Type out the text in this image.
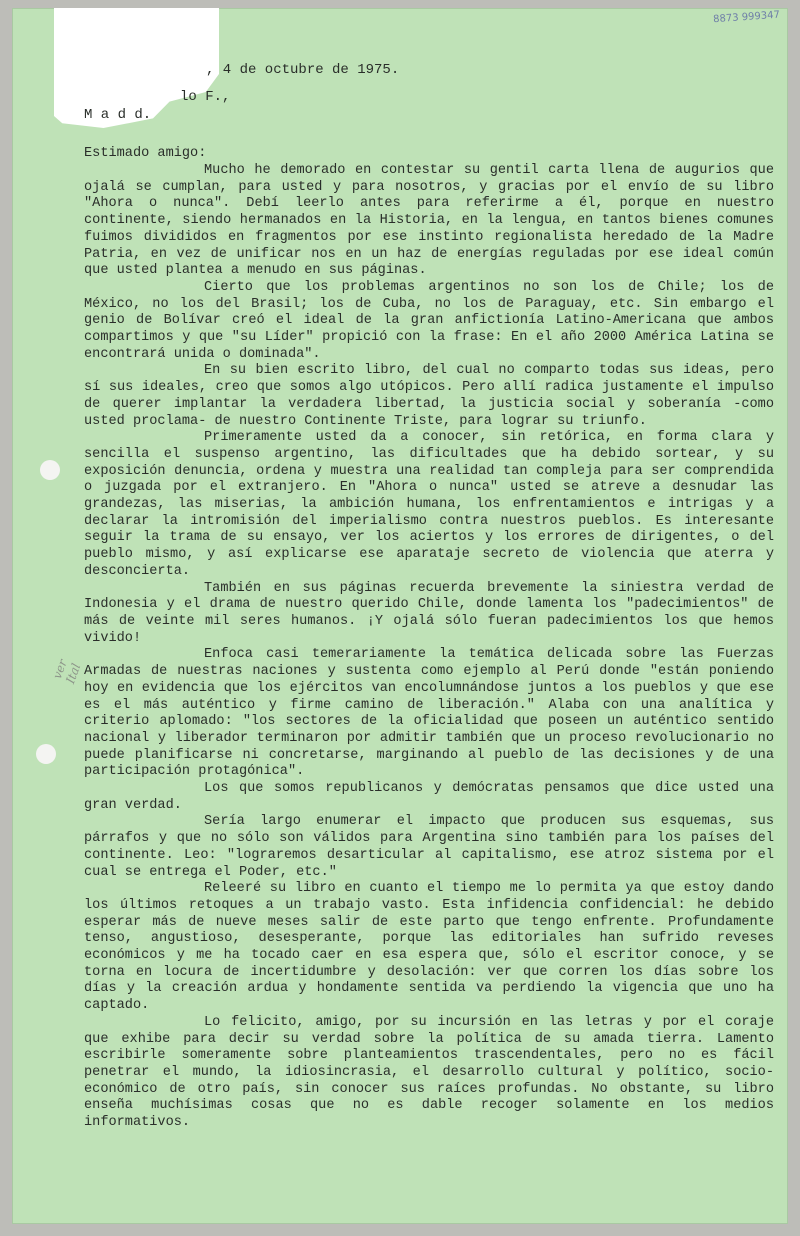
8873 999347
ver Ital
, 4 de octubre de 1975.
lo F.,
M a d d.
Estimado amigo:

Mucho he demorado en contestar su gentil carta llena de augurios que ojalá se cumplan, para usted y para nosotros, y gracias por el envío de su libro "Ahora o nunca". Debí leerlo antes para referirme a él, porque en nuestro continente, siendo hermanados en la Historia, en la lengua, en tantos bienes comunes fuimos divididos en fragmentos por ese instinto regionalista heredado de la Madre Patria, en vez de unificar nos en un haz de energías reguladas por ese ideal común que usted plantea a menudo en sus páginas.

Cierto que los problemas argentinos no son los de Chile; los de México, no los del Brasil; los de Cuba, no los de Paraguay, etc. Sin embargo el genio de Bolívar creó el ideal de la gran anfictionía Latino-Americana que ambos compartimos y que "su Líder" propició con la frase: En el año 2000 América Latina se encontrará unida o dominada".

En su bien escrito libro, del cual no comparto todas sus ideas, pero sí sus ideales, creo que somos algo utópicos. Pero allí radica justamente el impulso de querer implantar la verdadera libertad, la justicia social y soberanía -como usted proclama- de nuestro Continente Triste, para lograr su triunfo.

Primeramente usted da a conocer, sin retórica, en forma clara y sencilla el suspenso argentino, las dificultades que ha debido sortear, y su exposición denuncia, ordena y muestra una realidad tan compleja para ser comprendida o juzgada por el extranjero. En "Ahora o nunca" usted se atreve a desnudar las grandezas, las miserias, la ambición humana, los enfrentamientos e intrigas y a declarar la intromisión del imperialismo contra nuestros pueblos. Es interesante seguir la trama de su ensayo, ver los aciertos y los errores de dirigentes, o del pueblo mismo, y así explicarse ese aparataje secreto de violencia que aterra y desconcierta.

También en sus páginas recuerda brevemente la siniestra verdad de Indonesia y el drama de nuestro querido Chile, donde lamenta los "padecimientos" de más de veinte mil seres humanos. ¡Y ojalá sólo fueran padecimientos los que hemos vivido!

Enfoca casi temerariamente la temática delicada sobre las Fuerzas Armadas de nuestras naciones y sustenta como ejemplo al Perú donde "están poniendo hoy en evidencia que los ejércitos van encolumnándose juntos a los pueblos y que ese es el más auténtico y firme camino de liberación." Alaba con una analítica y criterio aplomado: "los sectores de la oficialidad que poseen un auténtico sentido nacional y liberador terminaron por admitir también que un proceso revolucionario no puede planificarse ni concretarse, marginando al pueblo de las decisiones y de una participación protagónica".

Los que somos republicanos y demócratas pensamos que dice usted una gran verdad.

Sería largo enumerar el impacto que producen sus esquemas, sus párrafos y que no sólo son válidos para Argentina sino también para los países del continente. Leo: "lograremos desarticular al capitalismo, ese atroz sistema por el cual se entrega el Poder, etc."

Releeré su libro en cuanto el tiempo me lo permita ya que estoy dando los últimos retoques a un trabajo vasto. Esta infidencia confidencial: he debido esperar más de nueve meses salir de este parto que tengo enfrente. Profundamente tenso, angustioso, desesperante, porque las editoriales han sufrido reveses económicos y me ha tocado caer en esa espera que, sólo el escritor conoce, y se torna en locura de incertidumbre y desolación: ver que corren los días sobre los días y la creación ardua y hondamente sentida va perdiendo la vigencia que uno ha captado.

Lo felicito, amigo, por su incursión en las letras y por el coraje que exhibe para decir su verdad sobre la política de su amada tierra. Lamento escribirle someramente sobre planteamientos trascendentales, pero no es fácil penetrar el mundo, la idiosincrasia, el desarrollo cultural y político, socio-económico de otro país, sin conocer sus raíces profundas. No obstante, su libro enseña muchísimas cosas que no es dable recoger solamente en los medios informativos.
